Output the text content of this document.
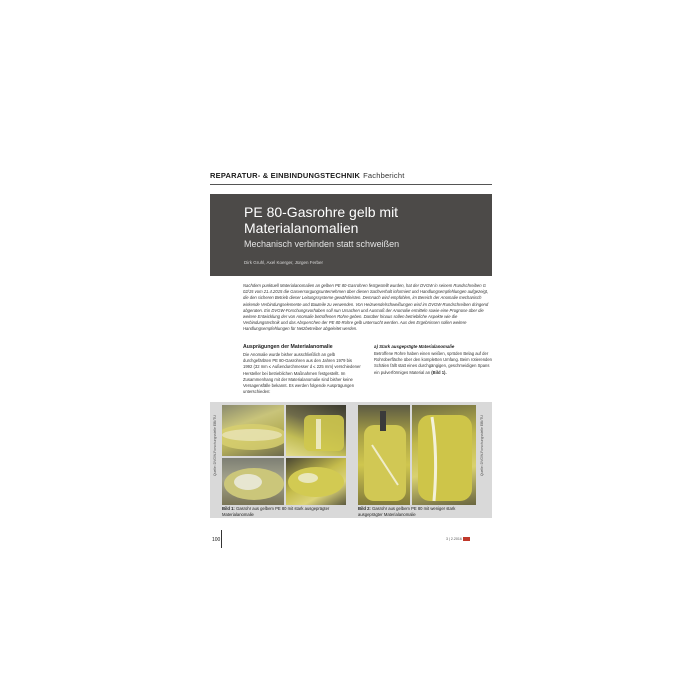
REPARATUR- & EINBINDUNGSTECHNIK Fachbericht
PE 80-Gasrohre gelb mit Materialanomalien
Mechanisch verbinden statt schweißen
Dirk Gruhl, Axel Koerger, Jürgen Ferber
Nachdem punktuell Materialanomalien an gelben PE 80-Gasrohren festgestellt wurden, hat der DVGW in seinem Rundschreiben G 02/15 vom 21.4.2015 die Gasversorgungsunternehmen über diesen Sachverhalt informiert und Handlungsempfehlungen aufgezeigt, die den sicheren Betrieb dieser Leitungssysteme gewährleisten. Demnach wird empfohlen, im Bereich der Anomalie mechanisch wirkende Verbindungselemente und Bauteile zu verwenden. Von Heizwendelschweißungen wird im DVGW-Rundschreiben dringend abgeraten. Ein DVGW-Forschungsvorhaben soll nun Ursachen und Ausmaß der Anomalie ermitteln sowie eine Prognose über die weitere Entwicklung der von Anomalie betroffenen Rohre geben. Darüber hinaus sollen betriebliche Aspekte wie die Verbindungstechnik und das Absperrchen der PE 80-Rohre gelb untersucht werden. Aus den Ergebnissen sollen weitere Handlungsempfehlungen für Netzbetreiber abgeleitet werden.
Ausprägungen der Materialanomalie
Die Anomalie wurde bisher ausschließlich an gelb durchgefärbten PE 80-Gasrohren aus den Jahren 1979 bis 1992 (32 mm ≤ Außendurchmesser d ≤ 225 mm) verschiedener Hersteller bei betrieblichen Maßnahmen festgestellt. Im Zusammenhang mit der Materialanomalie sind bisher keine Versagensfälle bekannt. Es werden folgende Ausprägungen unterschieden:
a) Stark ausgeprägte Materialanomalie
Betroffene Rohre haben einen weißen, spröden Belag auf der Rohroberfläche über den kompletten Umfang. Beim rotierenden Schälen fällt statt eines durchgängigen, geschmeidigen Spans ein pulverförmiges Material an (Bild 1).
Quelle: DVGW-Forschungsstelle EBI/TU	Quelle: DVGW-Forschungsstelle EBI/TU
Bild 1: Gasrohr aus gelbem PE 80 mit stark ausgeprägter Materialanomalie
Bild 2: Gasrohr aus gelbem PE 80 mit weniger stark ausgeprägter Materialanomalie
100	3 | 2.2016
